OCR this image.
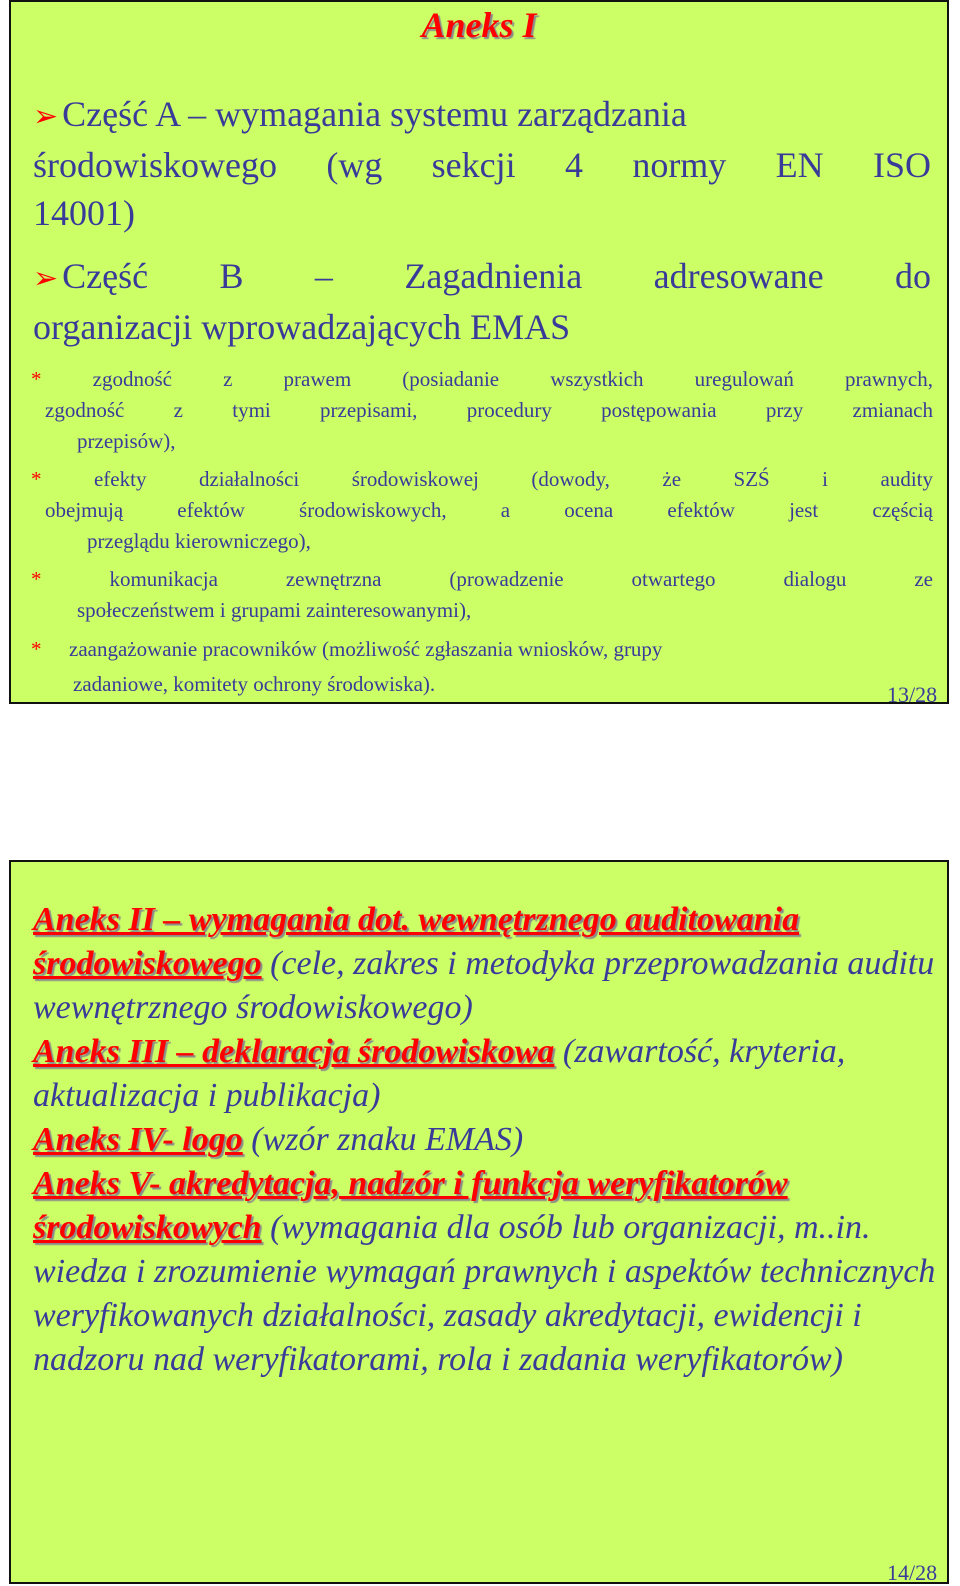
Aneks I
➢ Część A – wymagania systemu zarządzania
środowiskowego (wg sekcji 4 normy EN ISO
14001)
➢ Część B – Zagadnienia adresowane do
organizacji wprowadzających EMAS
* zgodność z prawem (posiadanie wszystkich uregulowań prawnych,
zgodność z tymi przepisami, procedury postępowania przy zmianach
przepisów),
* efekty działalności środowiskowej (dowody, że SZŚ i audity
obejmują efektów środowiskowych, a ocena efektów jest częścią
przeglądu kierowniczego),
*	komunikacja zewnętrzna (prowadzenie otwartego dialogu ze
społeczeństwem i grupami zainteresowanymi),
* zaangażowanie pracowników (możliwość zgłaszania wniosków, grupy
zadaniowe, komitety ochrony środowiska).	13/28
Aneks II – wymagania dot. wewnętrznego auditowania środowiskowego (cele, zakres i metodyka przeprowadzania auditu wewnętrznego środowiskowego)
Aneks III – deklaracja środowiskowa (zawartość, kryteria, aktualizacja i publikacja)
Aneks IV- logo (wzór znaku EMAS)
Aneks V- akredytacja, nadzór i funkcja weryfikatorów środowiskowych (wymagania dla osób lub organizacji, m..in. wiedza i zrozumienie wymagań prawnych i aspektów technicznych weryfikowanych działalności, zasady akredytacji, ewidencji i nadzoru nad weryfikatorami, rola i zadania weryfikatorów)
14/28
